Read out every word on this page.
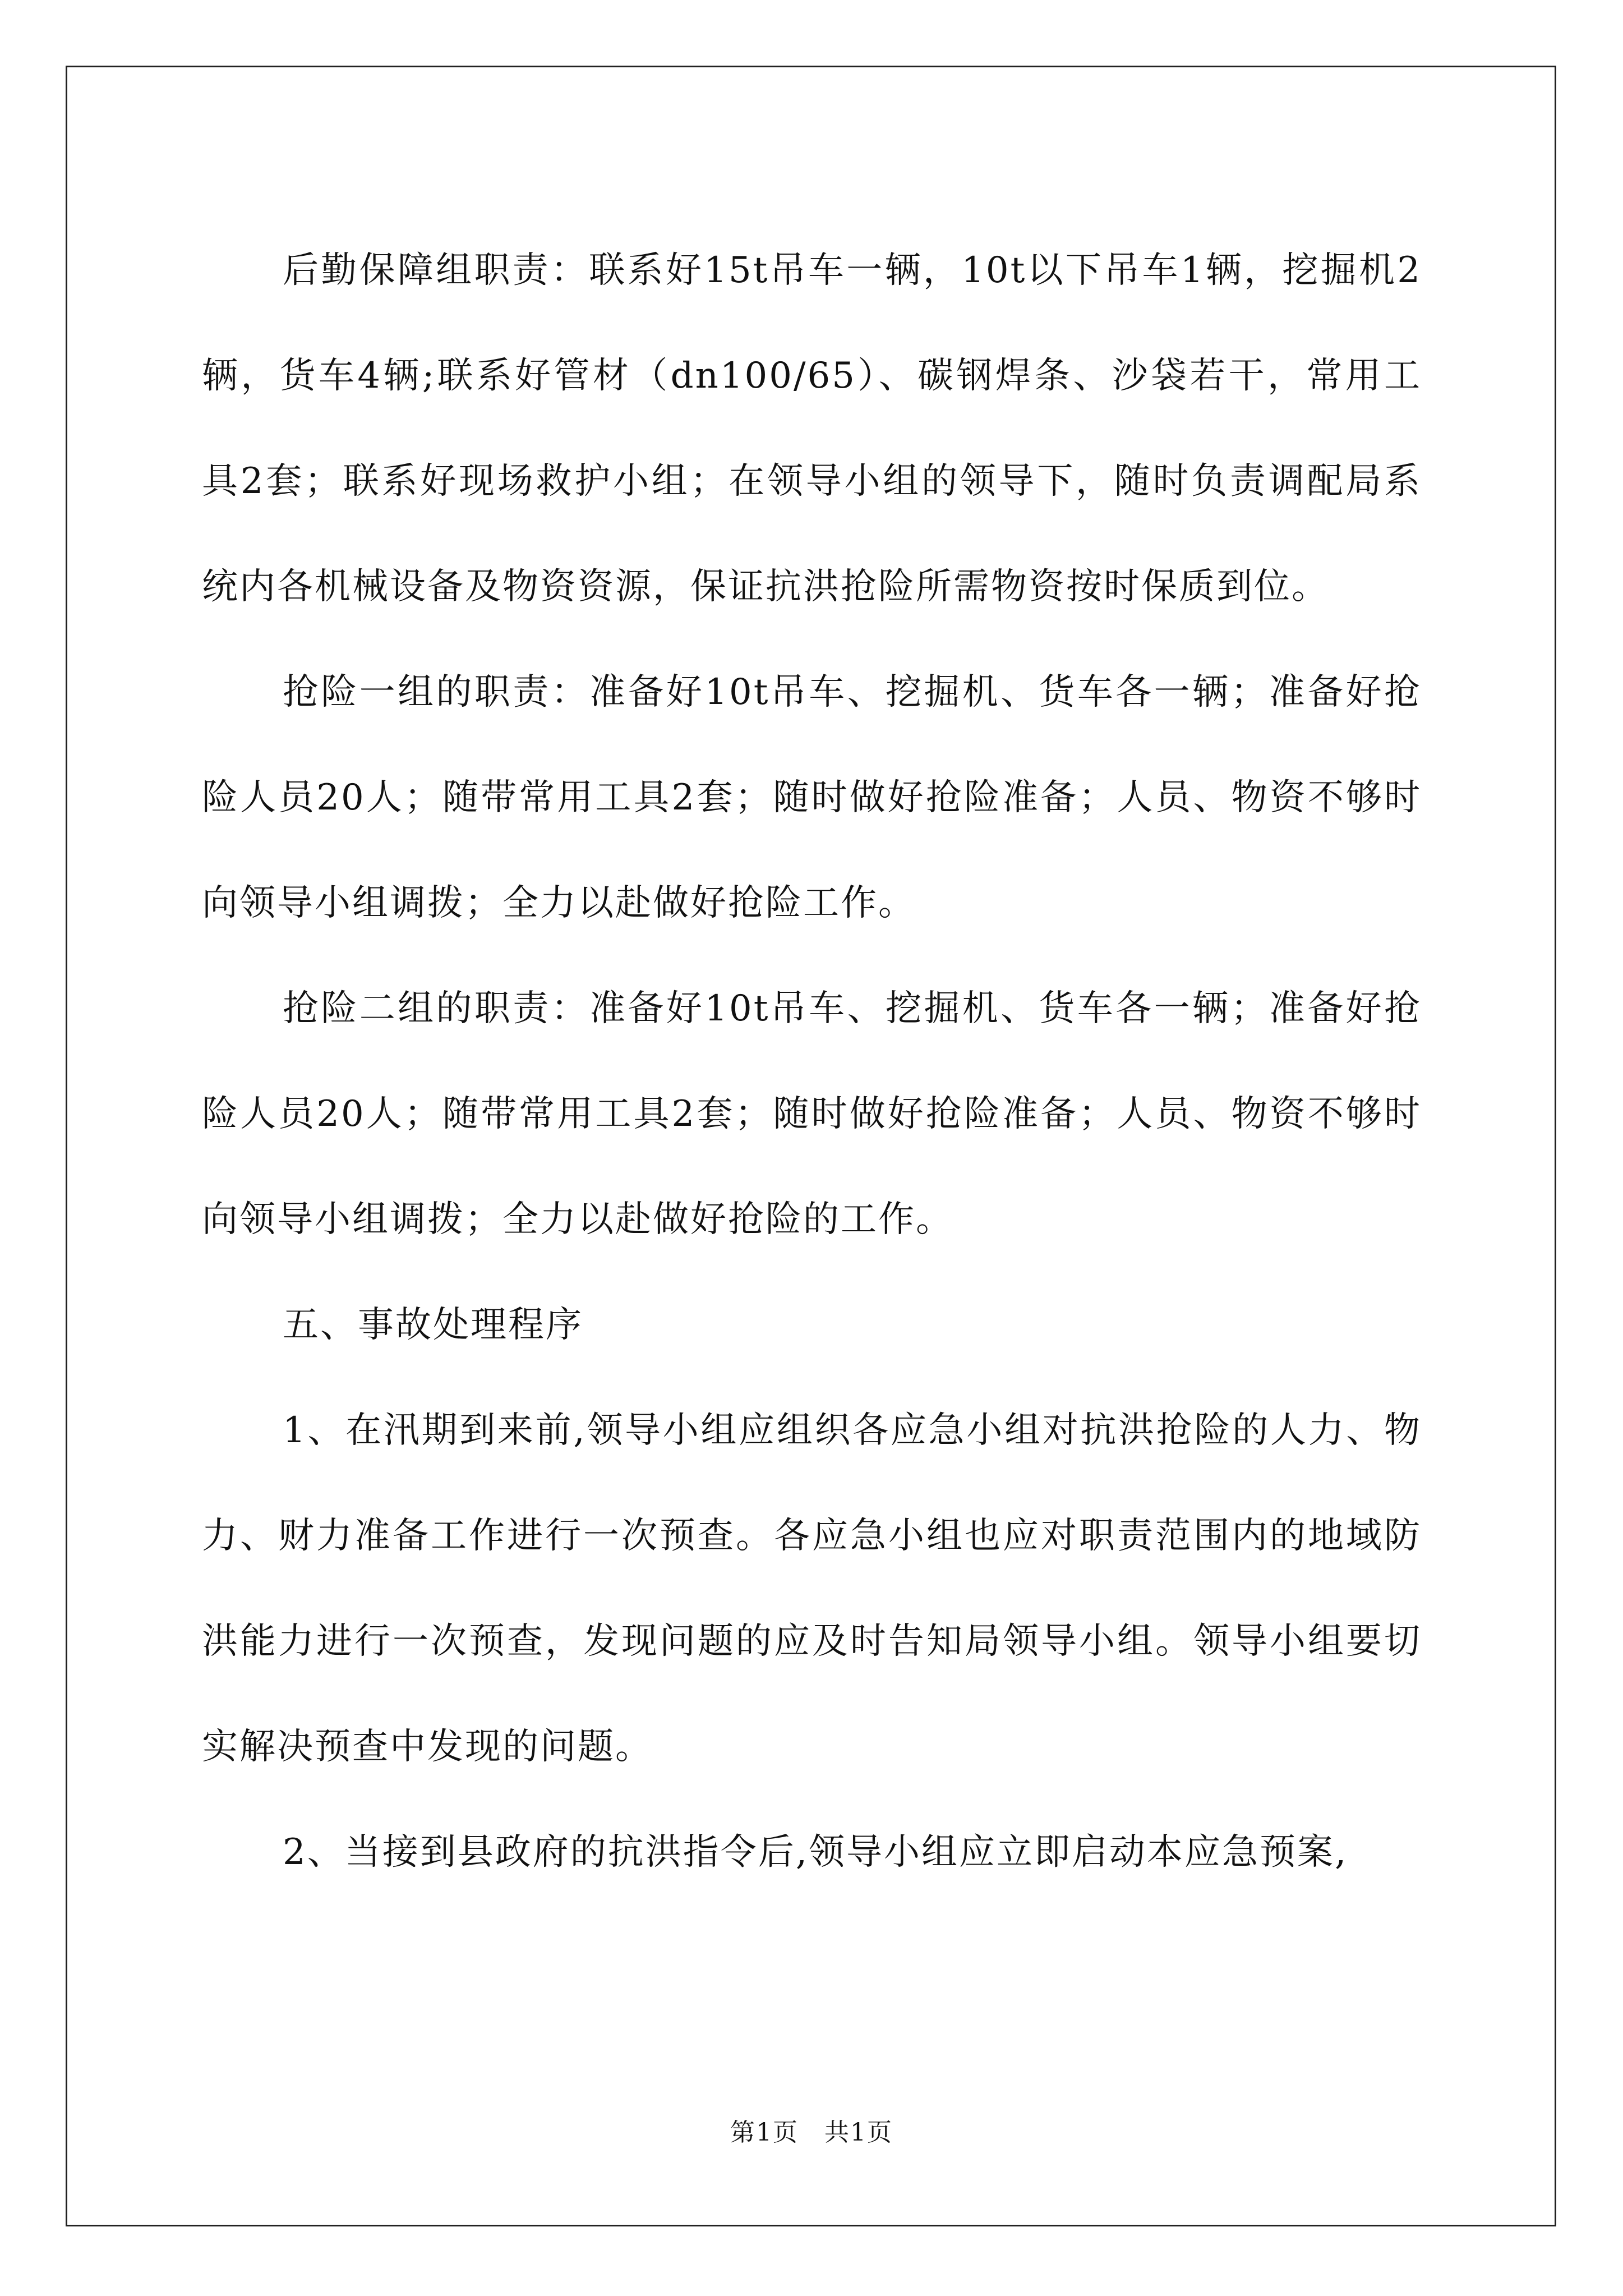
后勤保障组职责：联系好15t吊车一辆，10t以下吊车1辆，挖掘机2辆，货车4辆;联系好管材（dn100/65）、碳钢焊条、沙袋若干，常用工具2套；联系好现场救护小组；在领导小组的领导下，随时负责调配局系统内各机械设备及物资资源，保证抗洪抢险所需物资按时保质到位。

抢险一组的职责：准备好10t吊车、挖掘机、货车各一辆；准备好抢险人员20人；随带常用工具2套；随时做好抢险准备；人员、物资不够时向领导小组调拨；全力以赴做好抢险工作。

抢险二组的职责：准备好10t吊车、挖掘机、货车各一辆；准备好抢险人员20人；随带常用工具2套；随时做好抢险准备；人员、物资不够时向领导小组调拨；全力以赴做好抢险的工作。

五、事故处理程序

1、在汛期到来前,领导小组应组织各应急小组对抗洪抢险的人力、物力、财力准备工作进行一次预查。各应急小组也应对职责范围内的地域防洪能力进行一次预查，发现问题的应及时告知局领导小组。领导小组要切实解决预查中发现的问题。

2、当接到县政府的抗洪指令后,领导小组应立即启动本应急预案,

第1页　共1页
